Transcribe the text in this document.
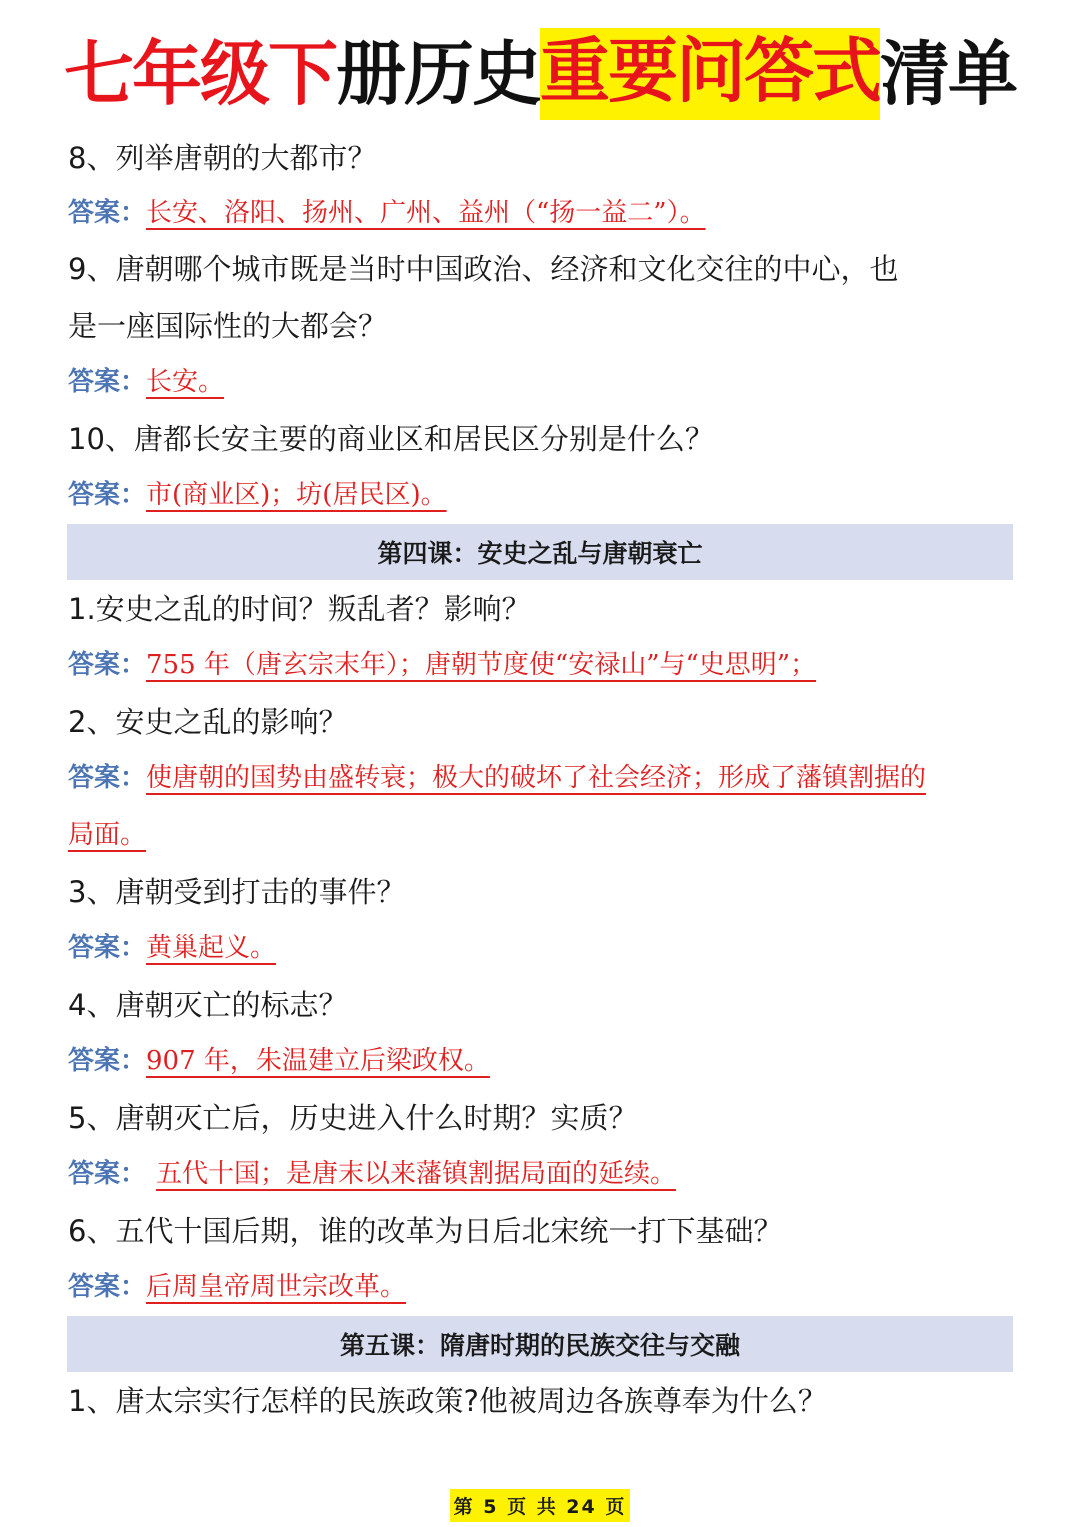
七年级下 册历史 重要问答式 清单
8、列举唐朝的大都市？
答案：长安、洛阳、扬州、广州、益州（“扬一益二”）。
9、唐朝哪个城市既是当时中国政治、经济和文化交往的中心，也
是一座国际性的大都会？
答案：长安。
10、唐都长安主要的商业区和居民区分别是什么？
答案：市(商业区)；坊(居民区)。
第四课：安史之乱与唐朝衰亡
1.安史之乱的时间？叛乱者？影响？
答案：755 年（唐玄宗末年）；唐朝节度使“安禄山”与“史思明”；
2、安史之乱的影响？
答案：使唐朝的国势由盛转衰；极大的破坏了社会经济；形成了藩镇割据的
局面。
3、唐朝受到打击的事件？
答案：黄巢起义。
4、唐朝灭亡的标志？
答案：907 年，朱温建立后梁政权。
5、唐朝灭亡后，历史进入什么时期？实质？
答案： 五代十国；是唐末以来藩镇割据局面的延续。
6、五代十国后期，谁的改革为日后北宋统一打下基础？
答案：后周皇帝周世宗改革。
第五课：隋唐时期的民族交往与交融
1、唐太宗实行怎样的民族政策?他被周边各族尊奉为什么？
第 5 页 共 24 页
